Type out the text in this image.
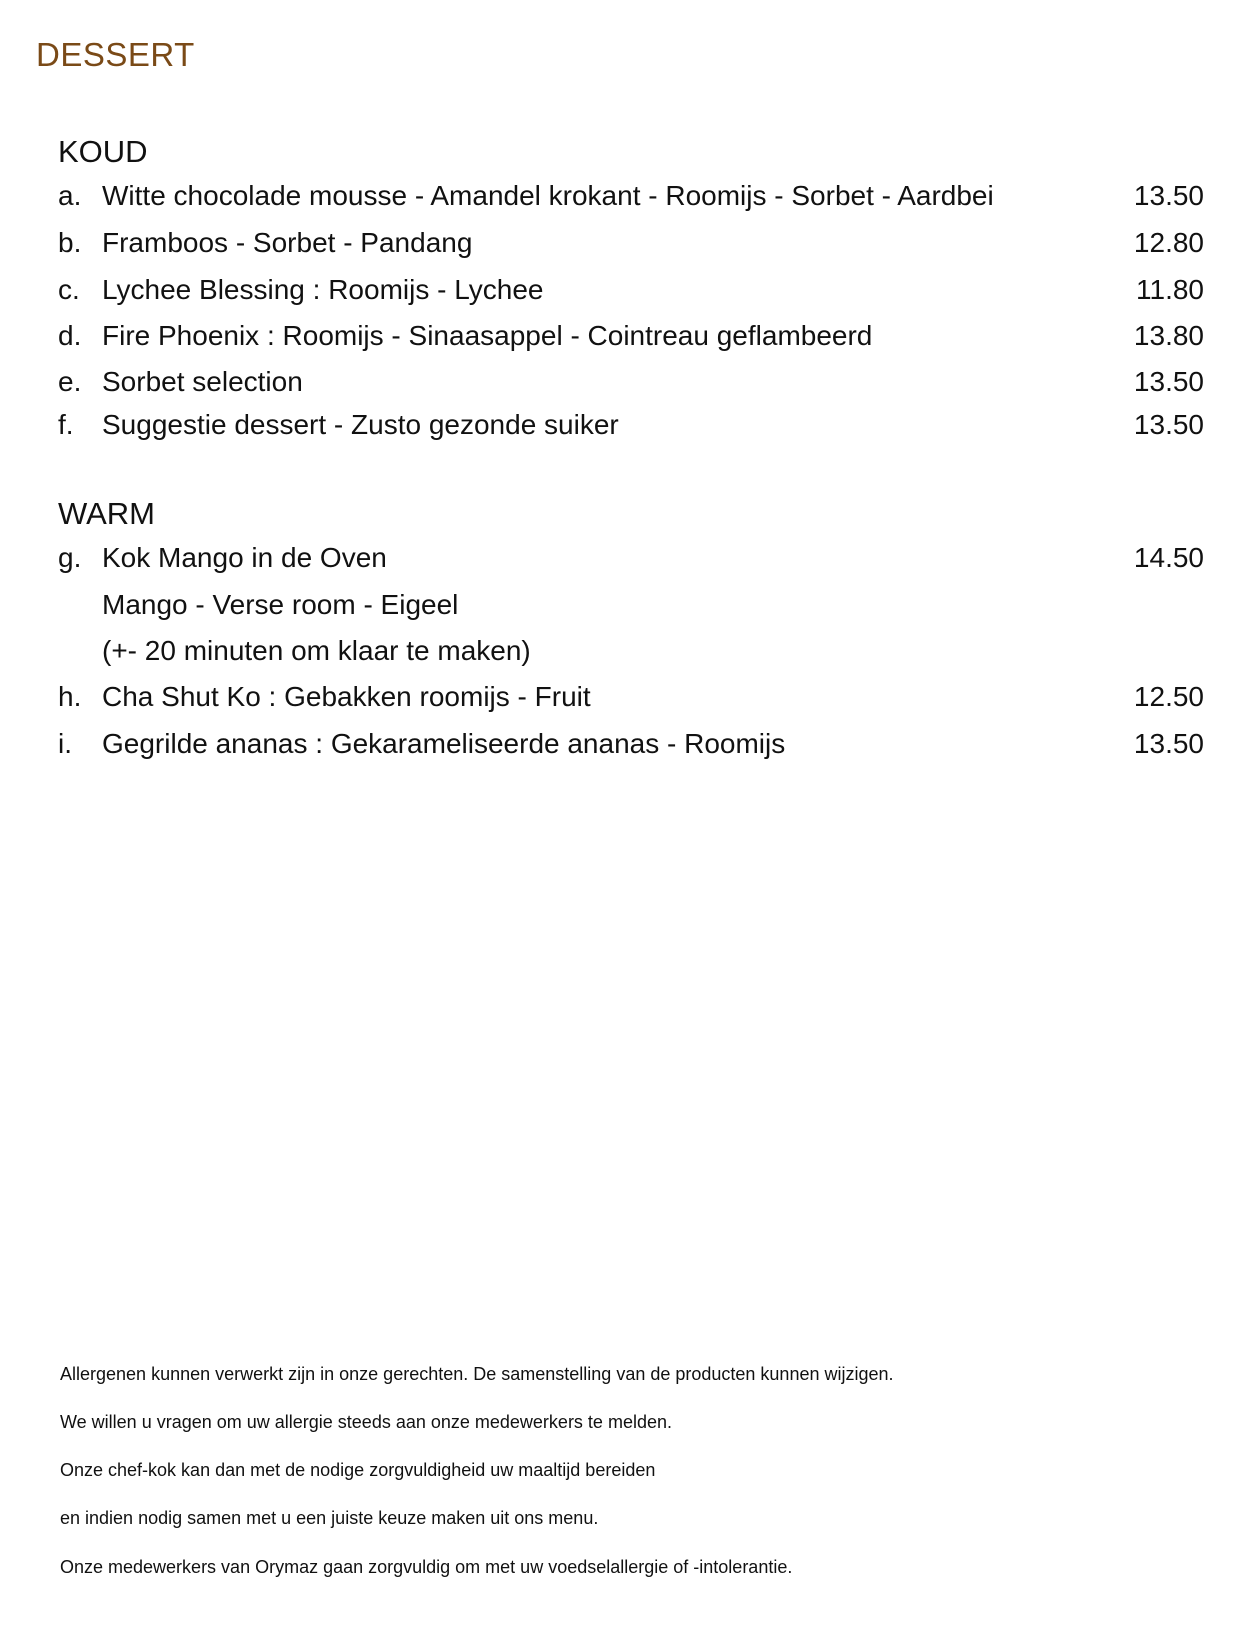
DESSERT
KOUD
a. Witte chocolade mousse - Amandel krokant - Roomijs - Sorbet - Aardbei	13.50
b. Framboos - Sorbet - Pandang	12.80
c. Lychee Blessing : Roomijs - Lychee	11.80
d. Fire Phoenix : Roomijs - Sinaasappel - Cointreau geflambeerd	13.80
e. Sorbet selection	13.50
f.	Suggestie dessert - Zusto gezonde suiker	13.50
WARM
g. Kok Mango in de Oven	14.50
Mango - Verse room - Eigeel
(+- 20 minuten om klaar te maken)
h. Cha Shut Ko : Gebakken roomijs - Fruit	12.50
i.	Gegrilde ananas : Gekarameliseerde ananas - Roomijs	13.50
Allergenen kunnen verwerkt zijn in onze gerechten. De samenstelling van de producten kunnen wijzigen.
We willen u vragen om uw allergie steeds aan onze medewerkers te melden.
Onze chef-kok kan dan met de nodige zorgvuldigheid uw maaltijd bereiden
en indien nodig samen met u een juiste keuze maken uit ons menu.
Onze medewerkers van Orymaz gaan zorgvuldig om met uw voedselallergie of -intolerantie.
